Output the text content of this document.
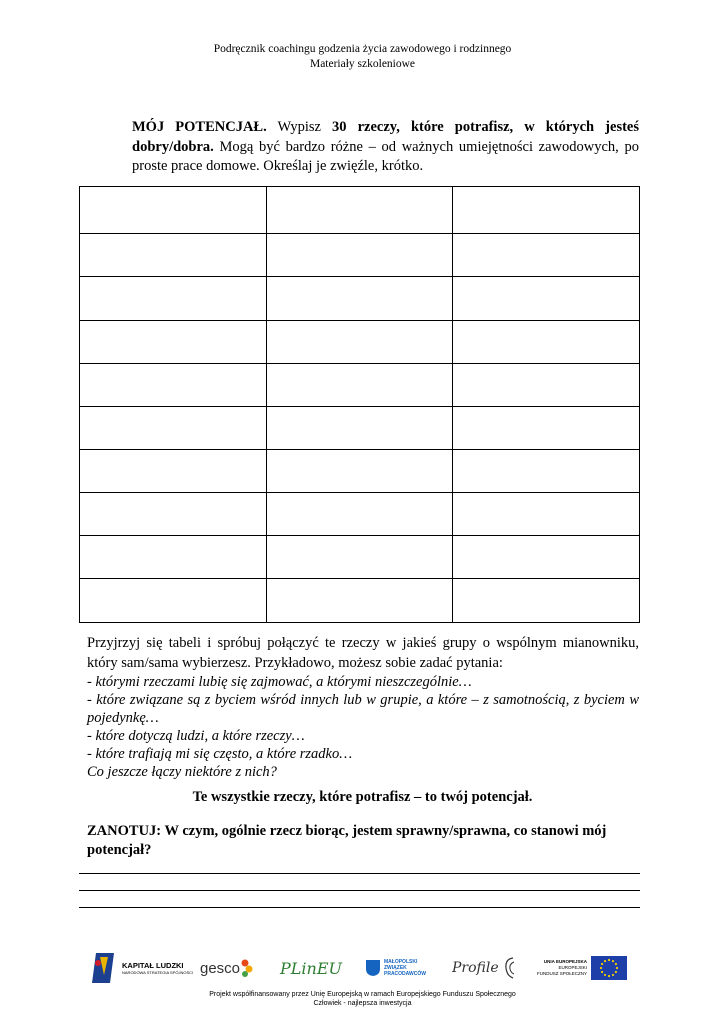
Podręcznik coachingu godzenia życia zawodowego i rodzinnego
Materiały szkoleniowe
MÓJ POTENCJAŁ. Wypisz 30 rzeczy, które potrafisz, w których jesteś dobry/dobra. Mogą być bardzo różne – od ważnych umiejętności zawodowych, po proste prace domowe. Określaj je zwięźle, krótko.

Przyjrzyj się tabeli i spróbuj połączyć te rzeczy w jakieś grupy o wspólnym mianowniku, który sam/sama wybierzesz. Przykładowo, możesz sobie zadać pytania:
- którymi rzeczami lubię się zajmować, a którymi nieszczególnie…
- które związane są z byciem wśród innych lub w grupie, a które – z samotnością, z byciem w pojedynkę…
- które dotyczą ludzi, a które rzeczy…
- które trafiają mi się często, a które rzadko…
Co jeszcze łączy niektóre z nich?
Te wszystkie rzeczy, które potrafisz – to twój potencjał.
ZANOTUJ: W czym, ogólnie rzecz biorąc, jestem sprawny/sprawna, co stanowi mój potencjał?
KAPITAŁ LUDZKI
NARODOWA STRATEGIA SPÓJNOŚCI gesco PLinEU	MAŁOPOLSKI
ZWIĄZEK
PRACODAWCÓW Profile	UNIA EUROPEJSKA
EUROPEJSKI
FUNDUSZ SPOŁECZNY
Projekt współfinansowany przez Unię Europejską w ramach Europejskiego Funduszu Społecznego
Człowiek - najlepsza inwestycja
